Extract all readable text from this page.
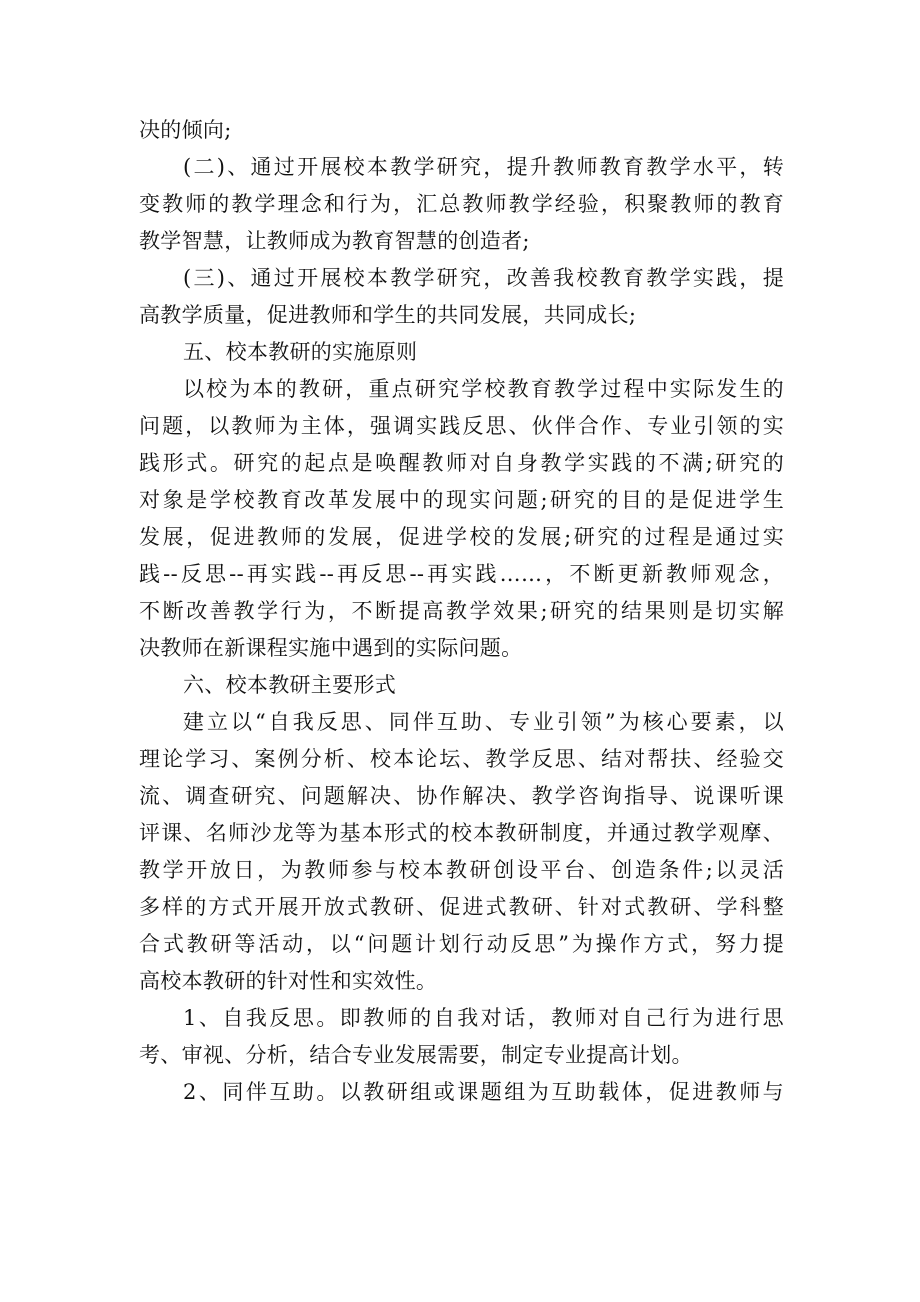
决的倾向;
(二)、通过开展校本教学研究，提升教师教育教学水平，转
变教师的教学理念和行为，汇总教师教学经验，积聚教师的教育
教学智慧，让教师成为教育智慧的创造者;
(三)、通过开展校本教学研究，改善我校教育教学实践，提
高教学质量，促进教师和学生的共同发展，共同成长;
五、校本教研的实施原则
以校为本的教研，重点研究学校教育教学过程中实际发生的
问题，以教师为主体，强调实践反思、伙伴合作、专业引领的实
践形式。研究的起点是唤醒教师对自身教学实践的不满;研究的
对象是学校教育改革发展中的现实问题;研究的目的是促进学生
发展，促进教师的发展，促进学校的发展;研究的过程是通过实
践--反思--再实践--再反思--再实践……，不断更新教师观念，
不断改善教学行为，不断提高教学效果;研究的结果则是切实解
决教师在新课程实施中遇到的实际问题。
六、校本教研主要形式
建立以“自我反思、同伴互助、专业引领”为核心要素，以
理论学习、案例分析、校本论坛、教学反思、结对帮扶、经验交
流、调查研究、问题解决、协作解决、教学咨询指导、说课听课
评课、名师沙龙等为基本形式的校本教研制度，并通过教学观摩、
教学开放日，为教师参与校本教研创设平台、创造条件;以灵活
多样的方式开展开放式教研、促进式教研、针对式教研、学科整
合式教研等活动，以“问题计划行动反思”为操作方式，努力提
高校本教研的针对性和实效性。
1、自我反思。即教师的自我对话，教师对自己行为进行思
考、审视、分析，结合专业发展需要，制定专业提高计划。
2、同伴互助。以教研组或课题组为互助载体，促进教师与
